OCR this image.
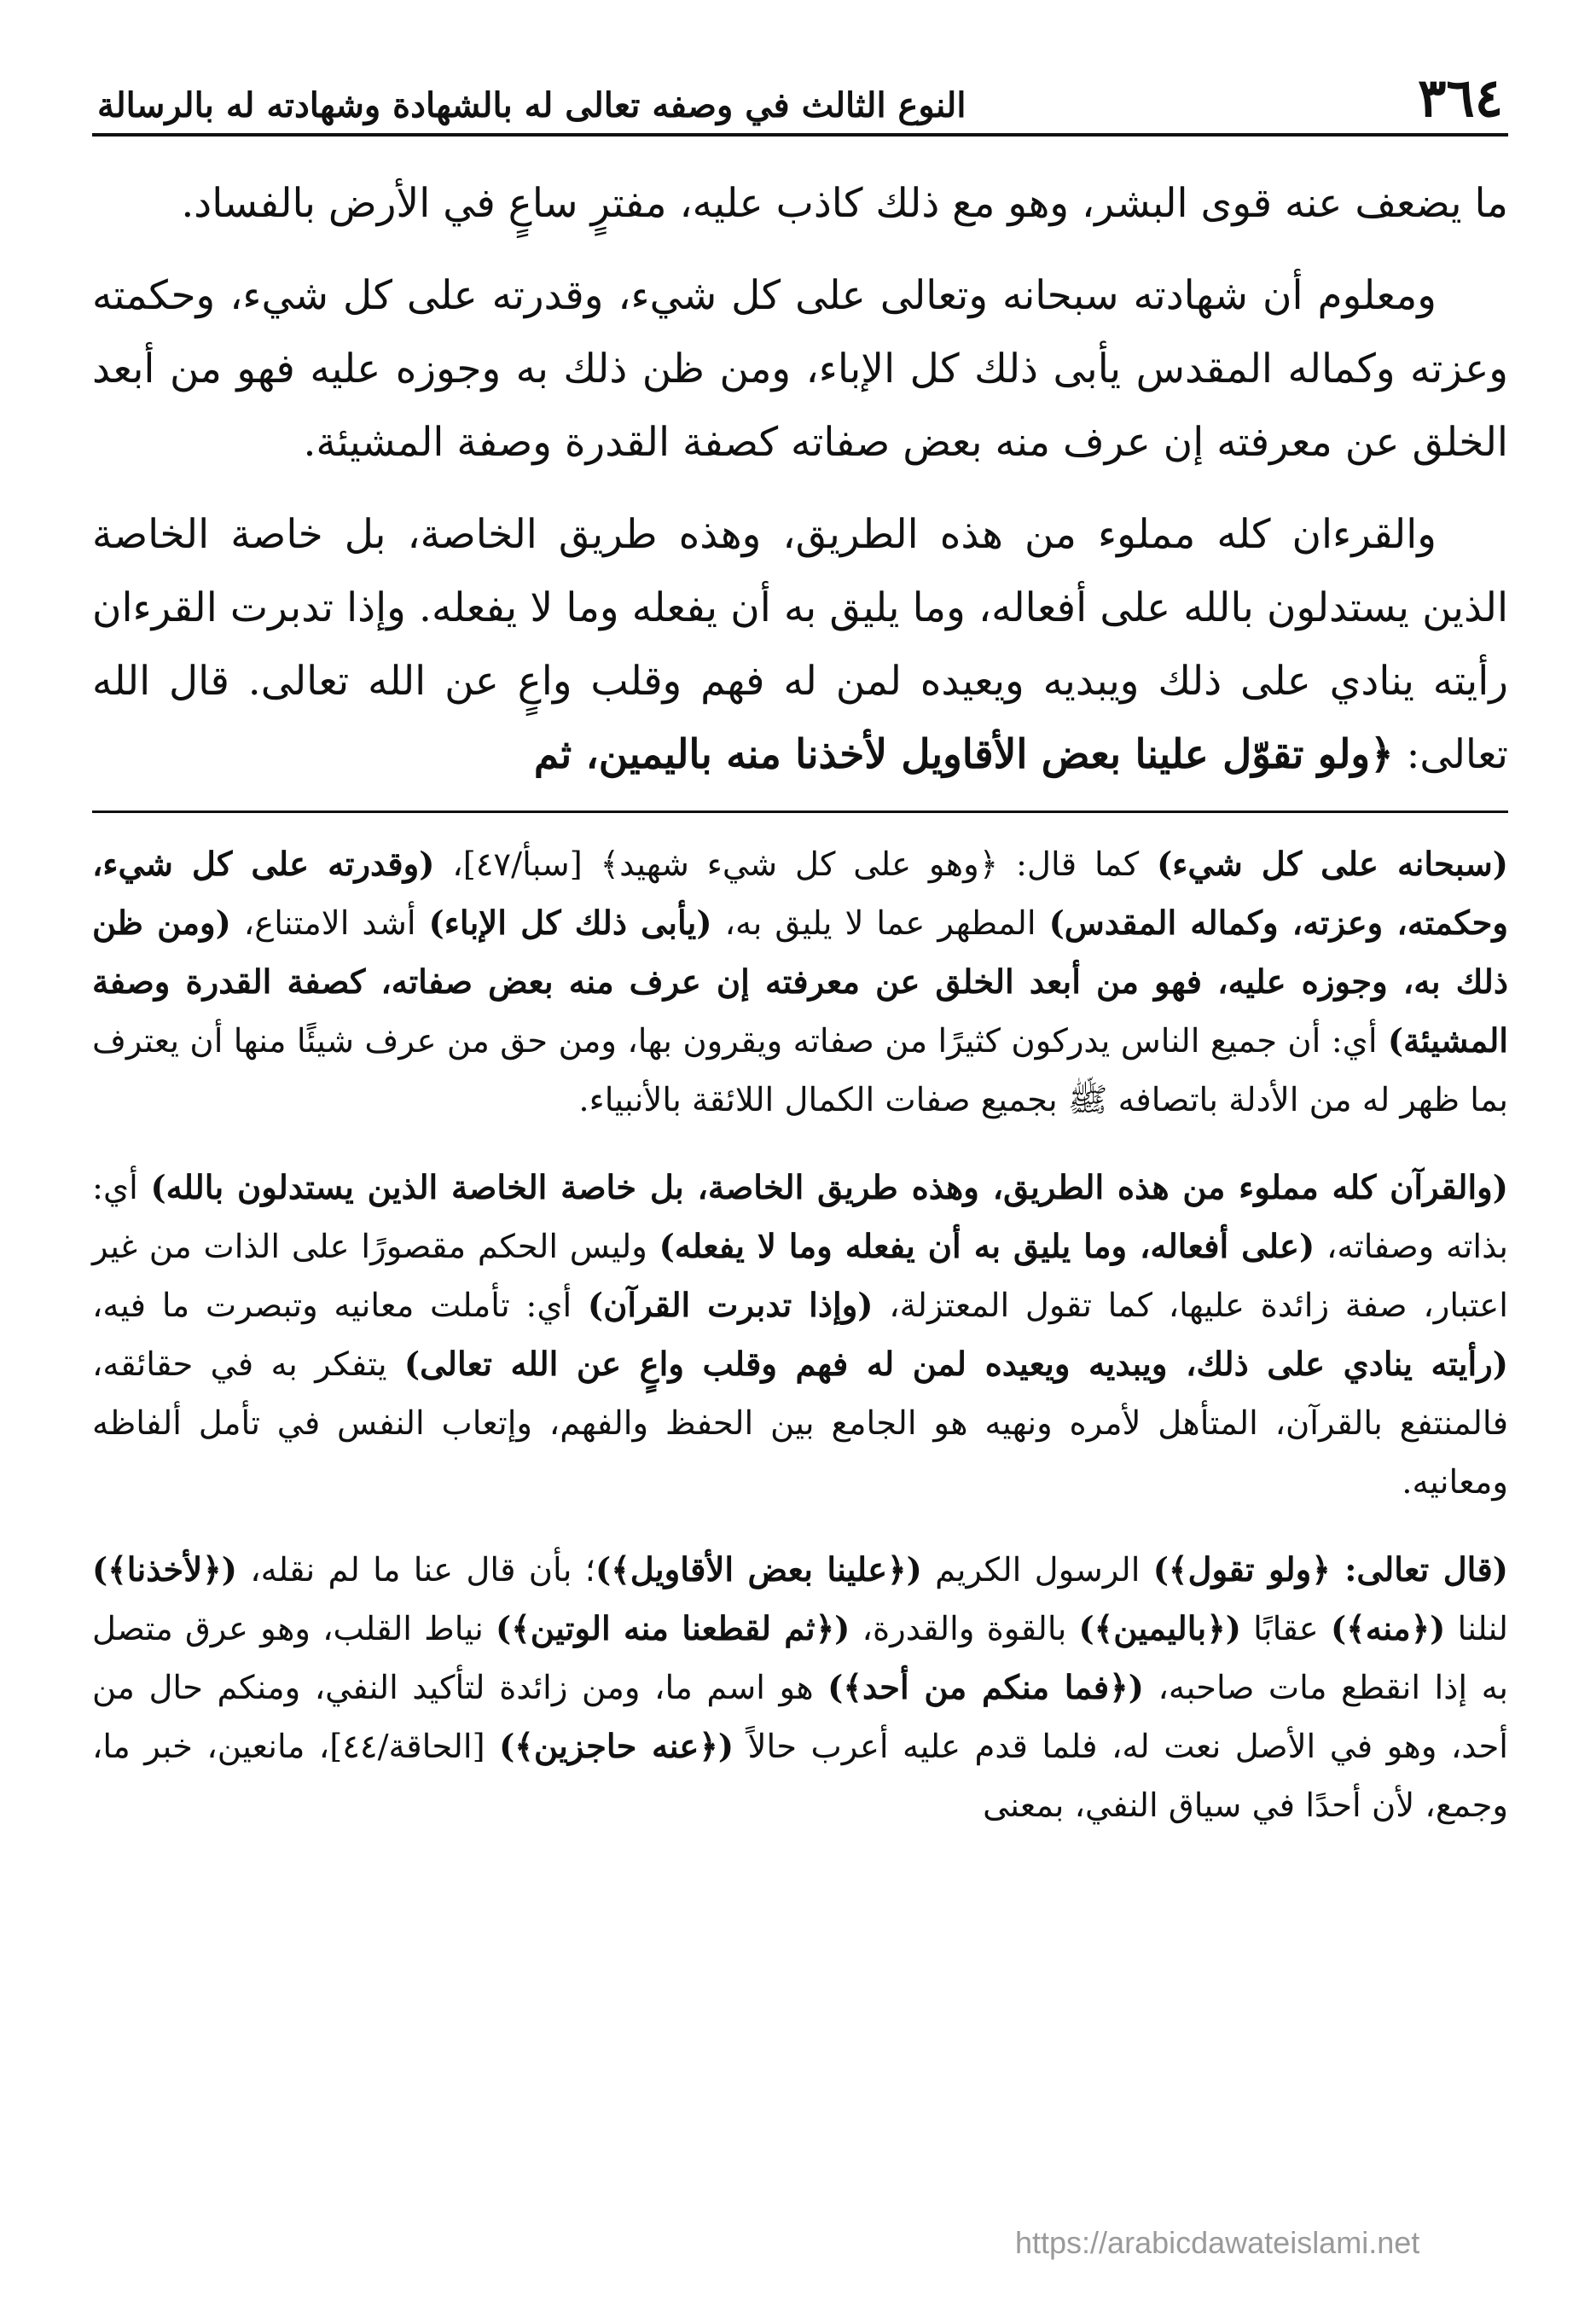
٣٦٤
النوع الثالث في وصفه تعالى له بالشهادة وشهادته له بالرسالة

ما يضعف عنه قوى البشر، وهو مع ذلك كاذب عليه، مفترٍ ساعٍ في الأرض بالفساد.

ومعلوم أن شهادته سبحانه وتعالى على كل شيء، وقدرته على كل شيء، وحكمته وعزته وكماله المقدس يأبى ذلك كل الإباء، ومن ظن ذلك به وجوزه عليه فهو من أبعد الخلق عن معرفته إن عرف منه بعض صفاته كصفة القدرة وصفة المشيئة.

والقرءان كله مملوء من هذه الطريق، وهذه طريق الخاصة، بل خاصة الخاصة الذين يستدلون بالله على أفعاله، وما يليق به أن يفعله وما لا يفعله. وإذا تدبرت القرءان رأيته ينادي على ذلك ويبديه ويعيده لمن له فهم وقلب واعٍ عن الله تعالى. قال الله تعالى: ﴿ولو تقوّل علينا بعض الأقاويل لأخذنا منه باليمين، ثم

(سبحانه على كل شيء) كما قال: ﴿وهو على كل شيء شهيد﴾ [سبأ/٤٧]، (وقدرته على كل شيء، وحكمته، وعزته، وكماله المقدس) المطهر عما لا يليق به، (يأبى ذلك كل الإباء) أشد الامتناع، (ومن ظن ذلك به، وجوزه عليه، فهو من أبعد الخلق عن معرفته إن عرف منه بعض صفاته، كصفة القدرة وصفة المشيئة) أي: أن جميع الناس يدركون كثيرًا من صفاته ويقرون بها، ومن حق من عرف شيئًا منها أن يعترف بما ظهر له من الأدلة باتصافه ﷺ بجميع صفات الكمال اللائقة بالأنبياء.

(والقرآن كله مملوء من هذه الطريق، وهذه طريق الخاصة، بل خاصة الخاصة الذين يستدلون بالله) أي: بذاته وصفاته، (على أفعاله، وما يليق به أن يفعله وما لا يفعله) وليس الحكم مقصورًا على الذات من غير اعتبار، صفة زائدة عليها، كما تقول المعتزلة، (وإذا تدبرت القرآن) أي: تأملت معانيه وتبصرت ما فيه، (رأيته ينادي على ذلك، ويبديه ويعيده لمن له فهم وقلب واعٍ عن الله تعالى) يتفكر به في حقائقه، فالمنتفع بالقرآن، المتأهل لأمره ونهيه هو الجامع بين الحفظ والفهم، وإتعاب النفس في تأمل ألفاظه ومعانيه.

(قال تعالى: ﴿ولو تقول﴾) الرسول الكريم (﴿علينا بعض الأقاويل﴾)؛ بأن قال عنا ما لم نقله، (﴿لأخذنا﴾) لنلنا (﴿منه﴾) عقابًا (﴿باليمين﴾) بالقوة والقدرة، (﴿ثم لقطعنا منه الوتين﴾) نياط القلب، وهو عرق متصل به إذا انقطع مات صاحبه، (﴿فما منكم من أحد﴾) هو اسم ما، ومن زائدة لتأكيد النفي، ومنكم حال من أحد، وهو في الأصل نعت له، فلما قدم عليه أعرب حالاً (﴿عنه حاجزين﴾) [الحاقة/٤٤]، مانعين، خبر ما، وجمع، لأن أحدًا في سياق النفي، بمعنى

https://arabicdawateislami.net
